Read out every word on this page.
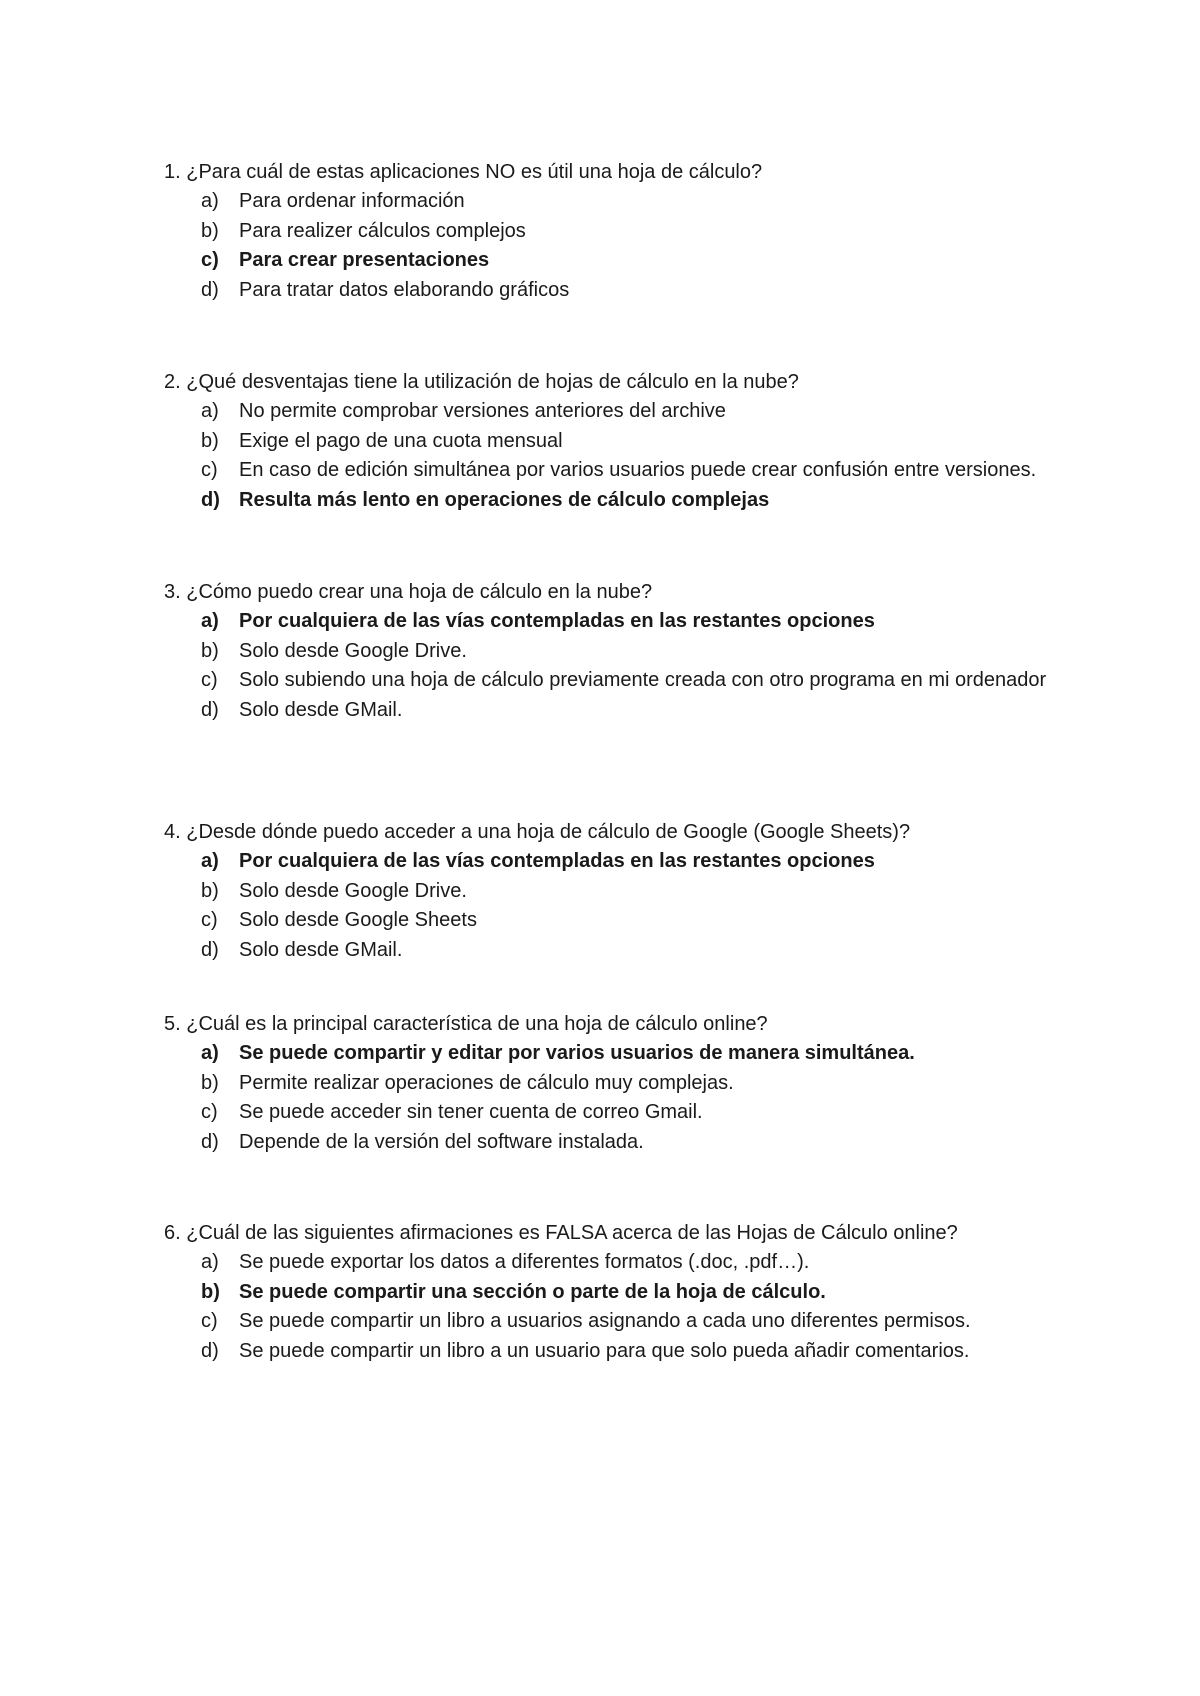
1. ¿Para cuál de estas aplicaciones NO es útil una hoja de cálculo?
a) Para ordenar información
b) Para realizer cálculos complejos
c) Para crear presentaciones
d) Para tratar datos elaborando gráficos
2. ¿Qué desventajas tiene la utilización de hojas de cálculo en la nube?
a) No permite comprobar versiones anteriores del archive
b) Exige el pago de una cuota mensual
c) En caso de edición simultánea por varios usuarios puede crear confusión entre versiones.
d) Resulta más lento en operaciones de cálculo complejas
3. ¿Cómo puedo crear una hoja de cálculo en la nube?
a) Por cualquiera de las vías contempladas en las restantes opciones
b) Solo desde Google Drive.
c) Solo subiendo una hoja de cálculo previamente creada con otro programa en mi ordenador
d) Solo desde GMail.
4. ¿Desde dónde puedo acceder a una hoja de cálculo de Google (Google Sheets)?
a) Por cualquiera de las vías contempladas en las restantes opciones
b) Solo desde Google Drive.
c) Solo desde Google Sheets
d) Solo desde GMail.
5. ¿Cuál es la principal característica de una hoja de cálculo online?
a) Se puede compartir y editar por varios usuarios de manera simultánea.
b) Permite realizar operaciones de cálculo muy complejas.
c) Se puede acceder sin tener cuenta de correo Gmail.
d) Depende de la versión del software instalada.
6. ¿Cuál de las siguientes afirmaciones es FALSA acerca de las Hojas de Cálculo online?
a) Se puede exportar los datos a diferentes formatos (.doc, .pdf…).
b) Se puede compartir una sección o parte de la hoja de cálculo.
c) Se puede compartir un libro a usuarios asignando a cada uno diferentes permisos.
d) Se puede compartir un libro a un usuario para que solo pueda añadir comentarios.
